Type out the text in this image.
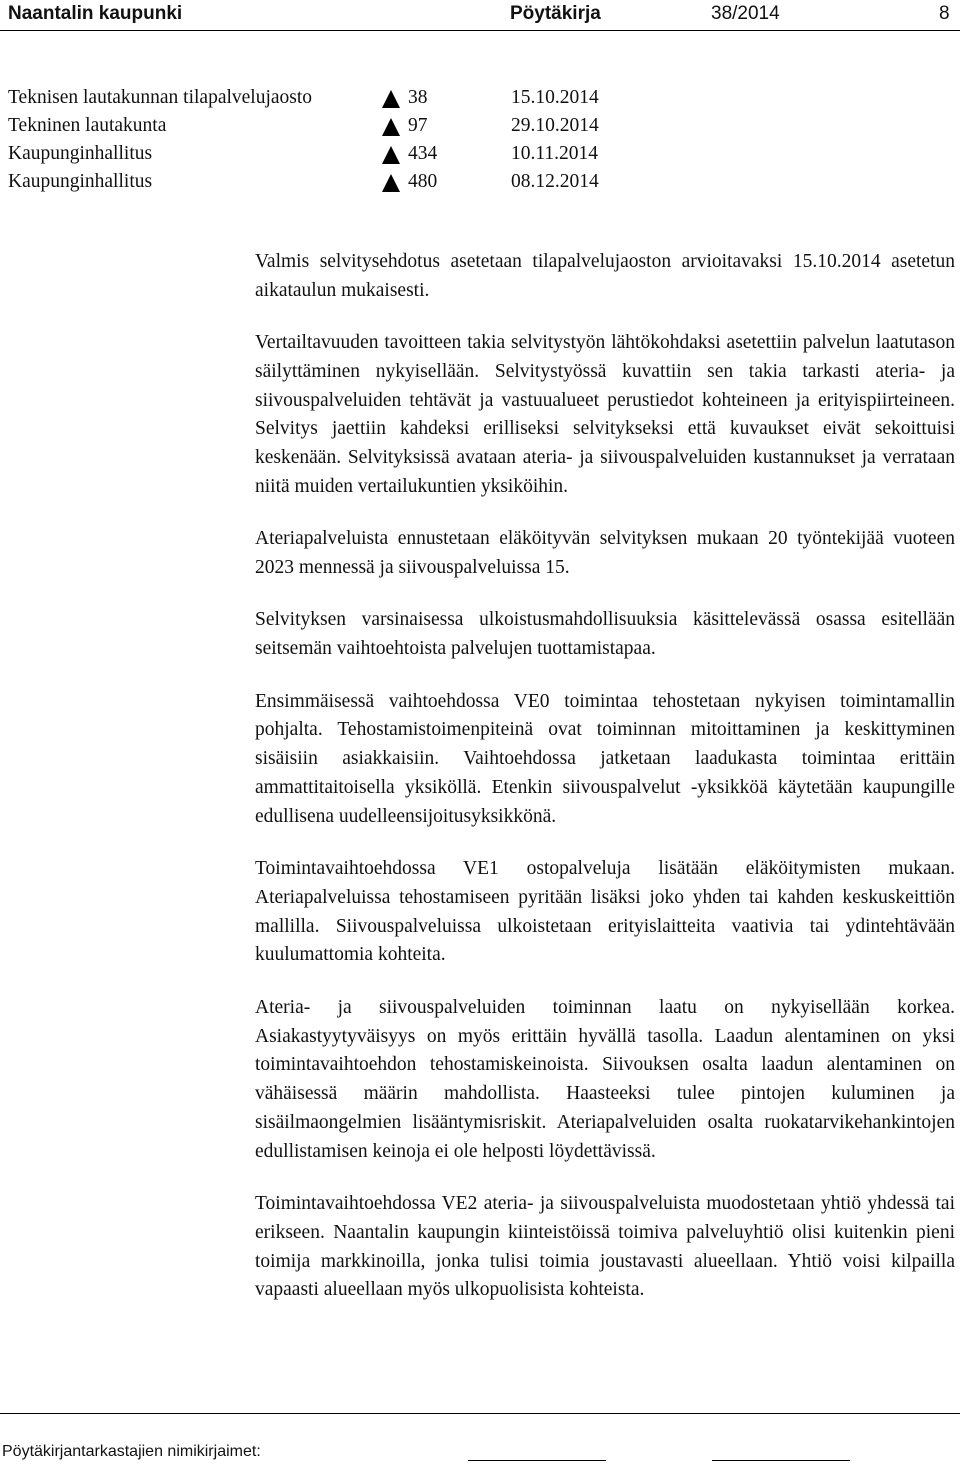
Naantalin kaupunki	Pöytäkirja	38/2014	8
Teknisen lautakunnan tilapalvelujaosto	38	15.10.2014
Tekninen lautakunta	97	29.10.2014
Kaupunginhallitus	434	10.11.2014
Kaupunginhallitus	480	08.12.2014

Valmis selvitysehdotus asetetaan tilapalvelujaoston arvioitavaksi 15.10.2014 asetetun aikataulun mukaisesti.

Vertailtavuuden tavoitteen takia selvitystyön lähtökohdaksi asetettiin palvelun laatutason säilyttäminen nykyisellään. Selvitystyössä kuvattiin sen takia tarkasti ateria- ja siivouspalveluiden tehtävät ja vastuualueet perustiedot kohteineen ja erityispiirteineen. Selvitys jaettiin kahdeksi erilliseksi selvitykseksi että kuvaukset eivät sekoittuisi keskenään. Selvityksissä avataan ateria- ja siivouspalveluiden kustannukset ja verrataan niitä muiden vertailukuntien yksiköihin.

Ateriapalveluista ennustetaan eläköityvän selvityksen mukaan 20 työntekijää vuoteen 2023 mennessä ja siivouspalveluissa 15.

Selvityksen varsinaisessa ulkoistusmahdollisuuksia käsittelevässä osassa esitellään seitsemän vaihtoehtoista palvelujen tuottamistapaa.

Ensimmäisessä vaihtoehdossa VE0 toimintaa tehostetaan nykyisen toimintamallin pohjalta. Tehostamistoimenpiteinä ovat toiminnan mitoittaminen ja keskittyminen sisäisiin asiakkaisiin. Vaihtoehdossa jatketaan laadukasta toimintaa erittäin ammattitaitoisella yksiköllä. Etenkin siivouspalvelut -yksikköä käytetään kaupungille edullisena uudelleensijoitusyksikkönä.

Toimintavaihtoehdossa VE1 ostopalveluja lisätään eläköitymisten mukaan. Ateriapalveluissa tehostamiseen pyritään lisäksi joko yhden tai kahden keskuskeittiön mallilla. Siivouspalveluissa ulkoistetaan erityislaitteita vaativia tai ydintehtävään kuulumattomia kohteita.

Ateria- ja siivouspalveluiden toiminnan laatu on nykyisellään korkea. Asiakastyytyväisyys on myös erittäin hyvällä tasolla. Laadun alentaminen on yksi toimintavaihtoehdon tehostamiskeinoista. Siivouksen osalta laadun alentaminen on vähäisessä määrin mahdollista. Haasteeksi tulee pintojen kuluminen ja sisäilmaongelmien lisääntymisriskit. Ateriapalveluiden osalta ruokatarvikehankintojen edullistamisen keinoja ei ole helposti löydettävissä.

Toimintavaihtoehdossa VE2 ateria- ja siivouspalveluista muodostetaan yhtiö yhdessä tai erikseen. Naantalin kaupungin kiinteistöissä toimiva palveluyhtiö olisi kuitenkin pieni toimija markkinoilla, jonka tulisi toimia joustavasti alueellaan. Yhtiö voisi kilpailla vapaasti alueellaan myös ulkopuolisista kohteista.

Pöytäkirjantarkastajien nimikirjaimet:
